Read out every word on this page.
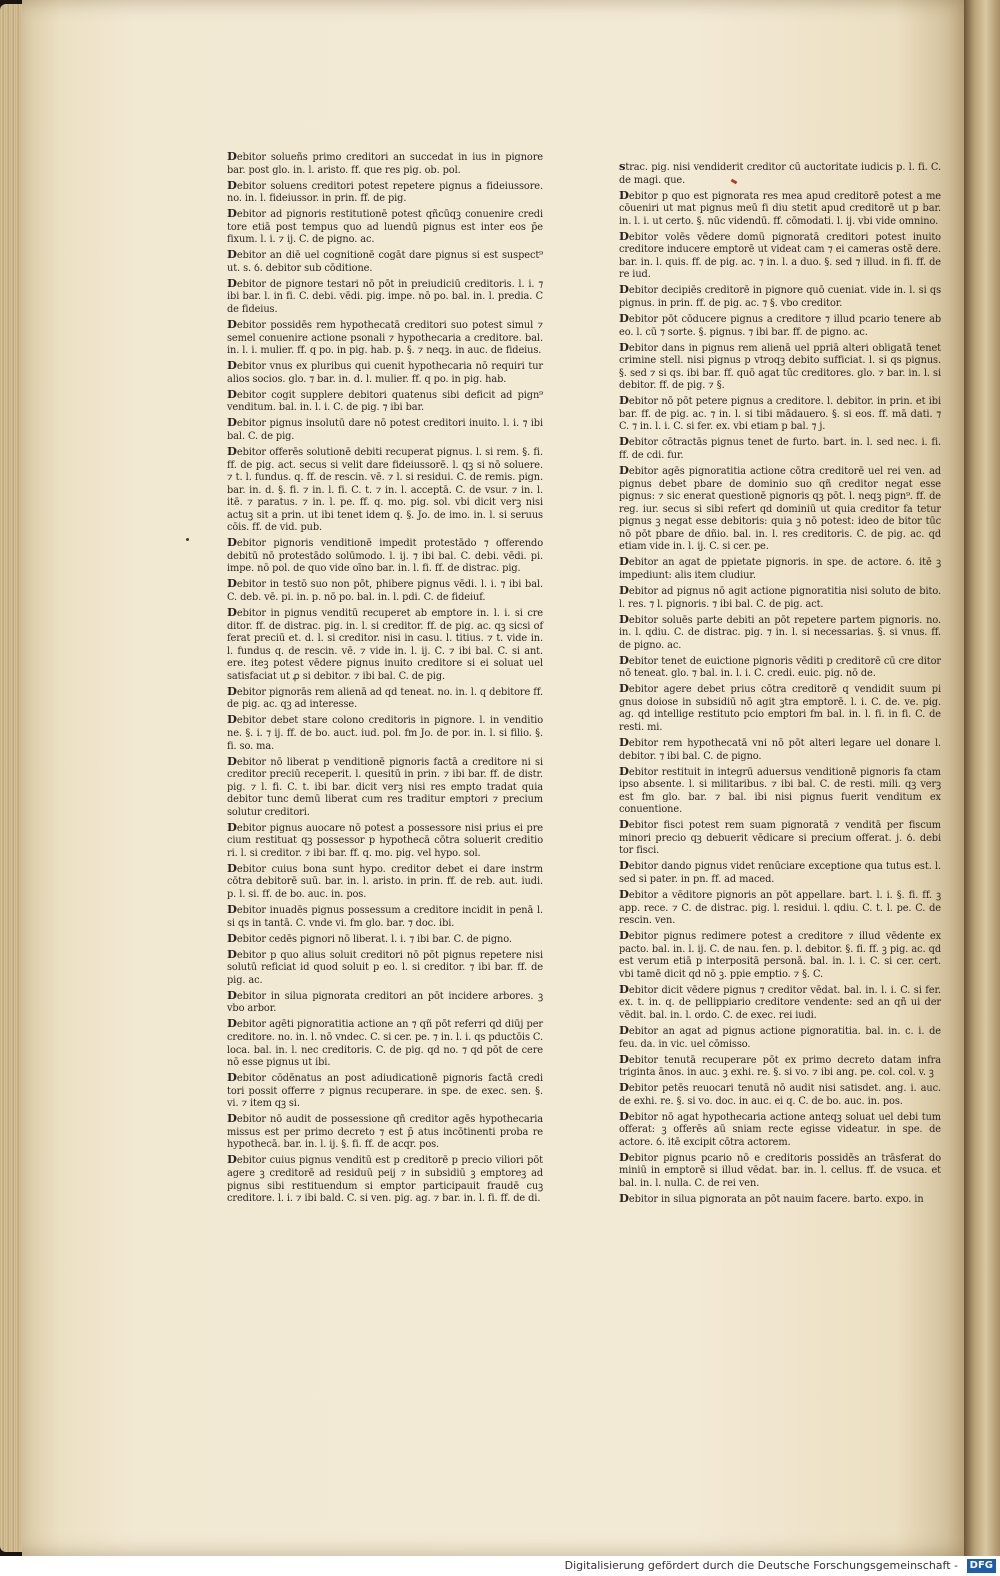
Debitor solueñs primo creditori an succedat in ius in pignore bar. post glo. in. l. aristo. ff. que res pig. ob. pol.

Debitor soluens creditori potest repetere pignus a fideiussore. no. in. l. fideiussor. in prin. ff. de pig.

Debitor ad pignoris restitutionē potest qñcūqꝫ conuenire credi tore etiā post tempus quo ad luendū pignus est inter eos p̄e fixum. l. i. ⁊ ij. C. de pigno. ac.

Debitor an diē uel cognitionē cogāt dare pignus si est suspect⁹ ut. s. ỽ. debitor sub cōditione.

Debitor de pignore testari nō pōt in preiudiciū creditoris. l. i. ⁊ ibi bar. l. in fi. C. debi. vēdi. pig. impe. nō po. bal. in. l. predia. C de fideius.

Debitor possidēs rem hypothecatā creditori suo potest simul ⁊ semel conuenire actione psonali ⁊ hypothecaria a creditore. bal. in. l. i. mulier. ff. q po. in pig. hab. p. §. ⁊ neqꝫ. in auc. de fideius.

Debitor vnus ex pluribus qui cuenit hypothecaria nō requiri tur alios socios. glo. ⁊ bar. in. d. l. mulier. ff. q po. in pig. hab.

Debitor cogit supplere debitori quatenus sibi deficit ad pign⁹ venditum. bal. in. l. i. C. de pig. ⁊ ibi bar.

Debitor pignus insolutū dare nō potest creditori inuito. l. i. ⁊ ibi bal. C. de pig.

Debitor offerēs solutionē debiti recuperat pignus. l. si rem. §. fi. ff. de pig. act. secus si velit dare fideiussorē. l. qꝫ si nō soluere. ⁊ t. l. fundus. q. ff. de rescin. vē. ⁊ l. si residui. C. de remis. pign. bar. in. d. §. fi. ⁊ in. l. fi. C. t. ⁊ in. l. acceptā. C. de vsur. ⁊ in. l. itē. ⁊ paratus. ⁊ in. l. pe. ff. q. mo. pig. sol. vbi dicit verꝫ nisi actuꝫ sit a prin. ut ibi tenet idem q. §. Jo. de imo. in. l. si seruus cōis. ff. de vid. pub.

Debitor pignoris venditionē impedit protestādo ⁊ offerendo debitū nō protestādo solūmodo. l. ij. ⁊ ibi bal. C. debi. vēdi. pi. impe. nō pol. de quo vide oīno bar. in. l. fi. ff. de distrac. pig.

Debitor in testō suo non pōt, phibere pignus vēdi. l. i. ⁊ ibi bal. C. deb. vē. pi. in. p. nō po. bal. in. l. pdi. C. de fideiuf.

Debitor in pignus venditū recuperet ab emptore in. l. i. si cre ditor. ff. de distrac. pig. in. l. si creditor. ff. de pig. ac. qꝫ sicsi of ferat preciū et. d. l. si creditor. nisi in casu. l. titius. ⁊ t. vide in. l. fundus q. de rescin. vē. ⁊ vide in. l. ij. C. ⁊ ibi bal. C. si ant. ere. iteꝫ potest vēdere pignus inuito creditore si ei soluat uel satisfaciat ut ꝓ si debitor. ⁊ ibi bal. C. de pig.

Debitor pignorās rem alienā ad qd teneat. no. in. l. q debitore ff. de pig. ac. qꝫ ad interesse.

Debitor debet stare colono creditoris in pignore. l. in venditio ne. §. i. ⁊ ij. ff. de bo. auct. iud. pol. fm Jo. de por. in. l. si filio. §. fi. so. ma.

Debitor nō liberat p venditionē pignoris factā a creditore ni si creditor preciū receperit. l. quesitū in prin. ⁊ ibi bar. ff. de distr. pig. ⁊ l. fi. C. t. ibi bar. dicit verꝫ nisi res empto tradat quia debitor tunc demū liberat cum res traditur emptori ⁊ precium solutur creditori.

Debitor pignus auocare nō potest a possessore nisi prius ei pre cium restituat qꝫ possessor p hypothecā cōtra soluerit creditio ri. l. si creditor. ⁊ ibi bar. ff. q. mo. pig. vel hypo. sol.

Debitor cuius bona sunt hypo. creditor debet ei dare instrm cōtra debitorē suū. bar. in. l. aristo. in prin. ff. de reb. aut. iudi. p. l. si. ff. de bo. auc. in. pos.

Debitor inuadēs pignus possessum a creditore incidit in penā l. si qs in tantā. C. vnde vi. fm glo. bar. ⁊ doc. ibi.

Debitor cedēs pignori nō liberat. l. i. ⁊ ibi bar. C. de pigno.

Debitor p quo alius soluit creditori nō pōt pignus repetere nisi solutū reficiat id quod soluit p eo. l. si creditor. ⁊ ibi bar. ff. de pig. ac.

Debitor in silua pignorata creditori an pōt incidere arbores. ꝫ vbo arbor.

Debitor agēti pignoratitia actione an ⁊ qñ pōt referri qd diūj per creditore. no. in. l. nō vndec. C. si cer. pe. ⁊ in. l. i. qs pductōis C. loca. bal. in. l. nec creditoris. C. de pig. qd no. ⁊ qd pōt de cere nō esse pignus ut ibi.

Debitor cōdēnatus an post adiudicationē pignoris factā credi tori possit offerre ⁊ pignus recuperare. in spe. de exec. sen. §. vi. ⁊ item qꝫ si.

Debitor nō audit de possessione qñ creditor agēs hypothecaria missus est per primo decreto ⁊ est p̄ atus incōtinenti proba re hypothecā. bar. in. l. ij. §. fi. ff. de acqr. pos.

Debitor cuius pignus venditū est p creditorē p precio viliori pōt agere ꝫ creditorē ad residuū peij ⁊ in subsidiū ꝫ emptoreꝫ ad pignus sibi restituendum si emptor participauit fraudē cuꝫ creditore. l. i. ⁊ ibi bald. C. si ven. pig. ag. ⁊ bar. in. l. fi. ff. de di.

strac. pig. nisi vendiderit creditor cū auctoritate iudicis p. l. fi. C. de magi. que.

Debitor p quo est pignorata res mea apud creditorē potest a me cōueniri ut mat pignus meū fi diu stetit apud creditorē ut p bar. in. l. i. ut certo. §. nūc videndū. ff. cōmodati. l. ij. vbi vide omnino.

Debitor volēs vēdere domū pignoratā creditori potest inuito creditore inducere emptorē ut videat cam ⁊ ei cameras ostē dere. bar. in. l. quis. ff. de pig. ac. ⁊ in. l. a duo. §. sed ⁊ illud. in fi. ff. de re iud.

Debitor decipiēs creditorē in pignore quō cueniat. vide in. l. si qs pignus. in prin. ff. de pig. ac. ⁊ §. vbo creditor.

Debitor pōt cōducere pignus a creditore ⁊ illud pcario tenere ab eo. l. cū ⁊ sorte. §. pignus. ⁊ ibi bar. ff. de pigno. ac.

Debitor dans in pignus rem alienā uel ppriā alteri obligatā tenet crimine stell. nisi pignus p vtroqꝫ debito sufficiat. l. si qs pignus. §. sed ⁊ si qs. ibi bar. ff. quō agat tūc creditores. glo. ⁊ bar. in. l. si debitor. ff. de pig. ⁊ §.

Debitor nō pōt petere pignus a creditore. l. debitor. in prin. et ibi bar. ff. de pig. ac. ⁊ in. l. si tibi mādauero. §. si eos. ff. mā dati. ⁊ C. ⁊ in. l. i. C. si fer. ex. vbi etiam p bal. ⁊ j.

Debitor cōtractās pignus tenet de furto. bart. in. l. sed nec. i. fi. ff. de cdi. fur.

Debitor agēs pignoratitia actione cōtra creditorē uel rei ven. ad pignus debet pbare de dominio suo qñ creditor negat esse pignus: ⁊ sic enerat questionē pignoris qꝫ pōt. l. neqꝫ pign⁹. ff. de reg. iur. secus si sibi refert qd dominiū ut quia creditor fa tetur pignus ꝫ negat esse debitoris: quia ꝫ nō potest: ideo de bitor tūc nō pōt pbare de dñio. bal. in. l. res creditoris. C. de pig. ac. qd etiam vide in. l. ij. C. si cer. pe.

Debitor an agat de ppietate pignoris. in spe. de actore. ỽ. itē ꝫ impediunt: alis item cludiur.

Debitor ad pignus nō agit actione pignoratitia nisi soluto de bito. l. res. ⁊ l. pignoris. ⁊ ibi bal. C. de pig. act.

Debitor soluēs parte debiti an pōt repetere partem pignoris. no. in. l. qdiu. C. de distrac. pig. ⁊ in. l. si necessarias. §. si vnus. ff. de pigno. ac.

Debitor tenet de euictione pignoris vēditi p creditorē cū cre ditor nō teneat. glo. ⁊ bal. in. l. i. C. credi. euic. pig. nō de.

Debitor agere debet prius cōtra creditorē q vendidit suum pi gnus doiose in subsidiū nō agit ꝫtra emptorē. l. i. C. de. ve. pig. ag. qd intellige restituto pcio emptori fm bal. in. l. fi. in fi. C. de resti. mi.

Debitor rem hypothecatā vni nō pōt alteri legare uel donare l. debitor. ⁊ ibi bal. C. de pigno.

Debitor restituit in integrū aduersus venditionē pignoris fa ctam ipso absente. l. si militaribus. ⁊ ibi bal. C. de resti. mili. qꝫ verꝫ est fm glo. bar. ⁊ bal. ibi nisi pignus fuerit venditum ex conuentione.

Debitor fisci potest rem suam pignoratā ⁊ venditā per fiscum minori precio qꝫ debuerit vēdicare si precium offerat. j. ỽ. debi tor fisci.

Debitor dando pignus videt renūciare exceptione qua tutus est. l. sed si pater. in pn. ff. ad maced.

Debitor a vēditore pignoris an pōt appellare. bart. l. i. §. fi. ff. ꝫ app. rece. ⁊ C. de distrac. pig. l. residui. l. qdiu. C. t. l. pe. C. de rescin. ven.

Debitor pignus redimere potest a creditore ⁊ illud vēdente ex pacto. bal. in. l. ij. C. de nau. fen. p. l. debitor. §. fi. ff. ꝫ pig. ac. qd est verum etiā p interpositā personā. bal. in. l. i. C. si cer. cert. vbi tamē dicit qd nō ꝫ. ppie emptio. ⁊ §. C.

Debitor dicit vēdere pignus ⁊ creditor vēdat. bal. in. l. i. C. si fer. ex. t. in. q. de pellippiario creditore vendente: sed an qñ ui der vēdit. bal. in. l. ordo. C. de exec. rei iudi.

Debitor an agat ad pignus actione pignoratitia. bal. in. c. i. de feu. da. in vic. uel cōmisso.

Debitor tenutā recuperare pōt ex primo decreto datam infra triginta ānos. in auc. ꝫ exhi. re. §. si vo. ⁊ ibi ang. pe. col. col. v. ꝫ

Debitor petēs reuocari tenutā nō audit nisi satisdet. ang. i. auc. de exhi. re. §. si vo. doc. in auc. ei q. C. de bo. auc. in. pos.

Debitor nō agat hypothecaria actione anteqꝫ soluat uel debi tum offerat: ꝫ offerēs aū sniam recte egisse videatur. in spe. de actore. ỽ. itē excipit cōtra actorem.

Debitor pignus pcario nō e creditoris possidēs an trāsferat do miniū in emptorē si illud vēdat. bar. in. l. cellus. ff. de vsuca. et bal. in. l. nulla. C. de rei ven.

Debitor in silua pignorata an pōt nauim facere. barto. expo. in

Digitalisierung gefördert durch die Deutsche Forschungsgemeinschaft -	DFG
